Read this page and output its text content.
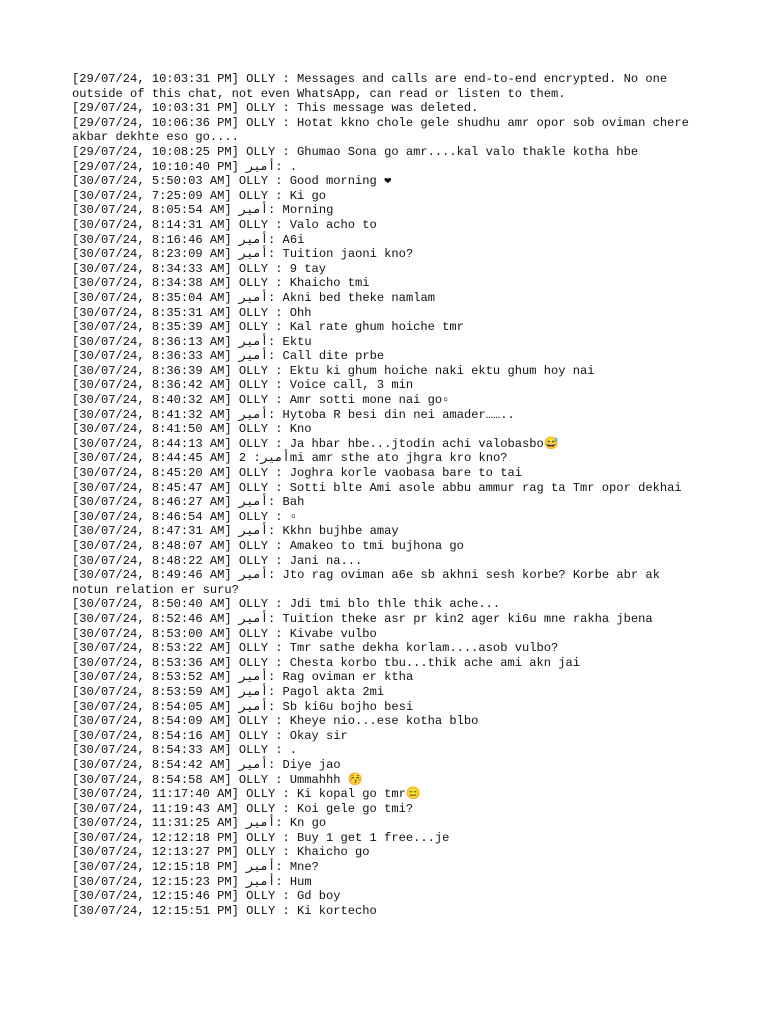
[29/07/24, 10:03:31 PM] OLLY : Messages and calls are end-to-end encrypted. No one outside of this chat, not even WhatsApp, can read or listen to them.
[29/07/24, 10:03:31 PM] OLLY : This message was deleted.
[29/07/24, 10:06:36 PM] OLLY : Hotat kkno chole gele shudhu amr opor sob oviman chere akbar dekhte eso go....
[29/07/24, 10:08:25 PM] OLLY : Ghumao Sona go amr....kal valo thakle kotha hbe
[29/07/24, 10:10:40 PM] أمير: .
[30/07/24, 5:50:03 AM] OLLY : Good morning ❤
[30/07/24, 7:25:09 AM] OLLY : Ki go
[30/07/24, 8:05:54 AM] أمير: Morning
[30/07/24, 8:14:31 AM] OLLY : Valo acho to
[30/07/24, 8:16:46 AM] أمير: A6i
[30/07/24, 8:23:09 AM] أمير: Tuition jaoni kno?
[30/07/24, 8:34:33 AM] OLLY : 9 tay
[30/07/24, 8:34:38 AM] OLLY : Khaicho tmi
[30/07/24, 8:35:04 AM] أمير: Akni bed theke namlam
[30/07/24, 8:35:31 AM] OLLY : Ohh
[30/07/24, 8:35:39 AM] OLLY : Kal rate ghum hoiche tmr
[30/07/24, 8:36:13 AM] أمير: Ektu
[30/07/24, 8:36:33 AM] أمير: Call dite prbe
[30/07/24, 8:36:39 AM] OLLY : Ektu ki ghum hoiche naki ektu ghum hoy nai
[30/07/24, 8:36:42 AM] OLLY : Voice call, 3 min
[30/07/24, 8:40:32 AM] OLLY : Amr sotti mone nai go▫
[30/07/24, 8:41:32 AM] أمير: Hytoba R besi din nei amader……..
[30/07/24, 8:41:50 AM] OLLY : Kno
[30/07/24, 8:44:13 AM] OLLY : Ja hbar hbe...jtodin achi valobasbo😅
[30/07/24, 8:44:45 AM] أمير: 2mi amr sthe ato jhgra kro kno?
[30/07/24, 8:45:20 AM] OLLY : Joghra korle vaobasa bare to tai
[30/07/24, 8:45:47 AM] OLLY : Sotti blte Ami asole abbu ammur rag ta Tmr opor dekhai
[30/07/24, 8:46:27 AM] أمير: Bah
[30/07/24, 8:46:54 AM] OLLY : ▫
[30/07/24, 8:47:31 AM] أمير: Kkhn bujhbe amay
[30/07/24, 8:48:07 AM] OLLY : Amakeo to tmi bujhona go
[30/07/24, 8:48:22 AM] OLLY : Jani na...
[30/07/24, 8:49:46 AM] أمير: Jto rag oviman a6e sb akhni sesh korbe? Korbe abr ak notun relation er suru?
[30/07/24, 8:50:40 AM] OLLY : Jdi tmi blo thle thik ache...
[30/07/24, 8:52:46 AM] أمير: Tuition theke asr pr kin2 ager ki6u mne rakha jbena
[30/07/24, 8:53:00 AM] OLLY : Kivabe vulbo
[30/07/24, 8:53:22 AM] OLLY : Tmr sathe dekha korlam....asob vulbo?
[30/07/24, 8:53:36 AM] OLLY : Chesta korbo tbu...thik ache ami akn jai
[30/07/24, 8:53:52 AM] أمير: Rag oviman er ktha
[30/07/24, 8:53:59 AM] أمير: Pagol akta 2mi
[30/07/24, 8:54:05 AM] أمير: Sb ki6u bojho besi
[30/07/24, 8:54:09 AM] OLLY : Kheye nio...ese kotha blbo
[30/07/24, 8:54:16 AM] OLLY : Okay sir
[30/07/24, 8:54:33 AM] OLLY : .
[30/07/24, 8:54:42 AM] أمير: Diye jao
[30/07/24, 8:54:58 AM] OLLY : Ummahhh 😚
[30/07/24, 11:17:40 AM] OLLY : Ki kopal go tmr😑
[30/07/24, 11:19:43 AM] OLLY : Koi gele go tmi?
[30/07/24, 11:31:25 AM] أمير: Kn go
[30/07/24, 12:12:18 PM] OLLY : Buy 1 get 1 free...je
[30/07/24, 12:13:27 PM] OLLY : Khaicho go
[30/07/24, 12:15:18 PM] أمير: Mne?
[30/07/24, 12:15:23 PM] أمير: Hum
[30/07/24, 12:15:46 PM] OLLY : Gd boy
[30/07/24, 12:15:51 PM] OLLY : Ki kortecho
